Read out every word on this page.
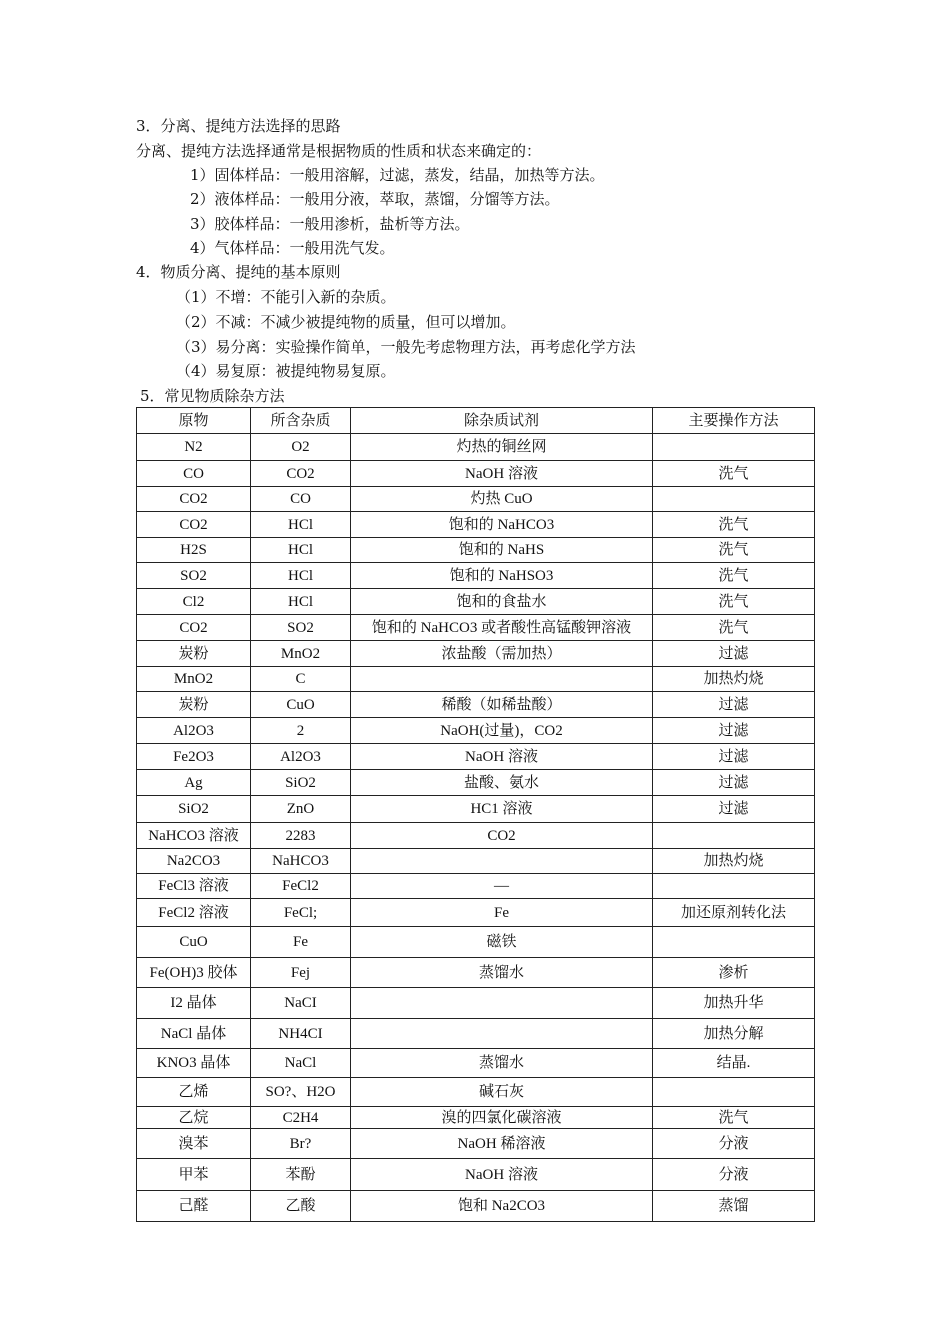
3．分离、提纯方法选择的思路
分离、提纯方法选择通常是根据物质的性质和状态来确定的：
1）固体样品：一般用溶解，过滤，蒸发，结晶，加热等方法。
2）液体样品：一般用分液，萃取，蒸馏，分馏等方法。
3）胶体样品：一般用渗析，盐析等方法。
4）气体样品：一般用洗气发。
4．物质分离、提纯的基本原则
（1）不增：不能引入新的杂质。
（2）不减：不减少被提纯物的质量，但可以增加。
（3）易分离：实验操作简单，一般先考虑物理方法，再考虑化学方法
（4）易复原：被提纯物易复原。
5．常见物质除杂方法
原物	所含杂质	除杂质试剂	主要操作方法
N2	O2	灼热的铜丝网	
CO	CO2	NaOH 溶液	洗气
CO2	CO	灼热 CuO	
CO2	HCl	饱和的 NaHCO3	洗气
H2S	HCl	饱和的 NaHS	洗气
SO2	HCl	饱和的 NaHSO3	洗气
Cl2	HCl	饱和的食盐水	洗气
CO2	SO2	饱和的 NaHCO3 或者酸性高锰酸钾溶液	洗气
炭粉	MnO2	浓盐酸（需加热）	过滤
MnO2	C		加热灼烧
炭粉	CuO	稀酸（如稀盐酸）	过滤
Al2O3	2	NaOH(过量)，CO2	过滤
Fe2O3	Al2O3	NaOH 溶液	过滤
Ag	SiO2	盐酸、氨水	过滤
SiO2	ZnO	HC1 溶液	过滤
NaHCO3 溶液	2283	CO2	
Na2CO3	NaHCO3		加热灼烧
FeCl3 溶液	FeCl2	—	
FeCl2 溶液	FeCl;	Fe	加还原剂转化法
CuO	Fe	磁铁	
Fe(OH)3 胶体	Fej	蒸馏水	渗析
I2 晶体	NaCI		加热升华
NaCl 晶体	NH4CI		加热分解
KNO3 晶体	NaCl	蒸馏水	结晶.
乙烯	SO?、H2O	碱石灰	
乙烷	C2H4	溴的四氯化碳溶液	洗气
溴苯	Br?	NaOH 稀溶液	分液
甲苯	苯酚	NaOH 溶液	分液
己醛	乙酸	饱和 Na2CO3	蒸馏
